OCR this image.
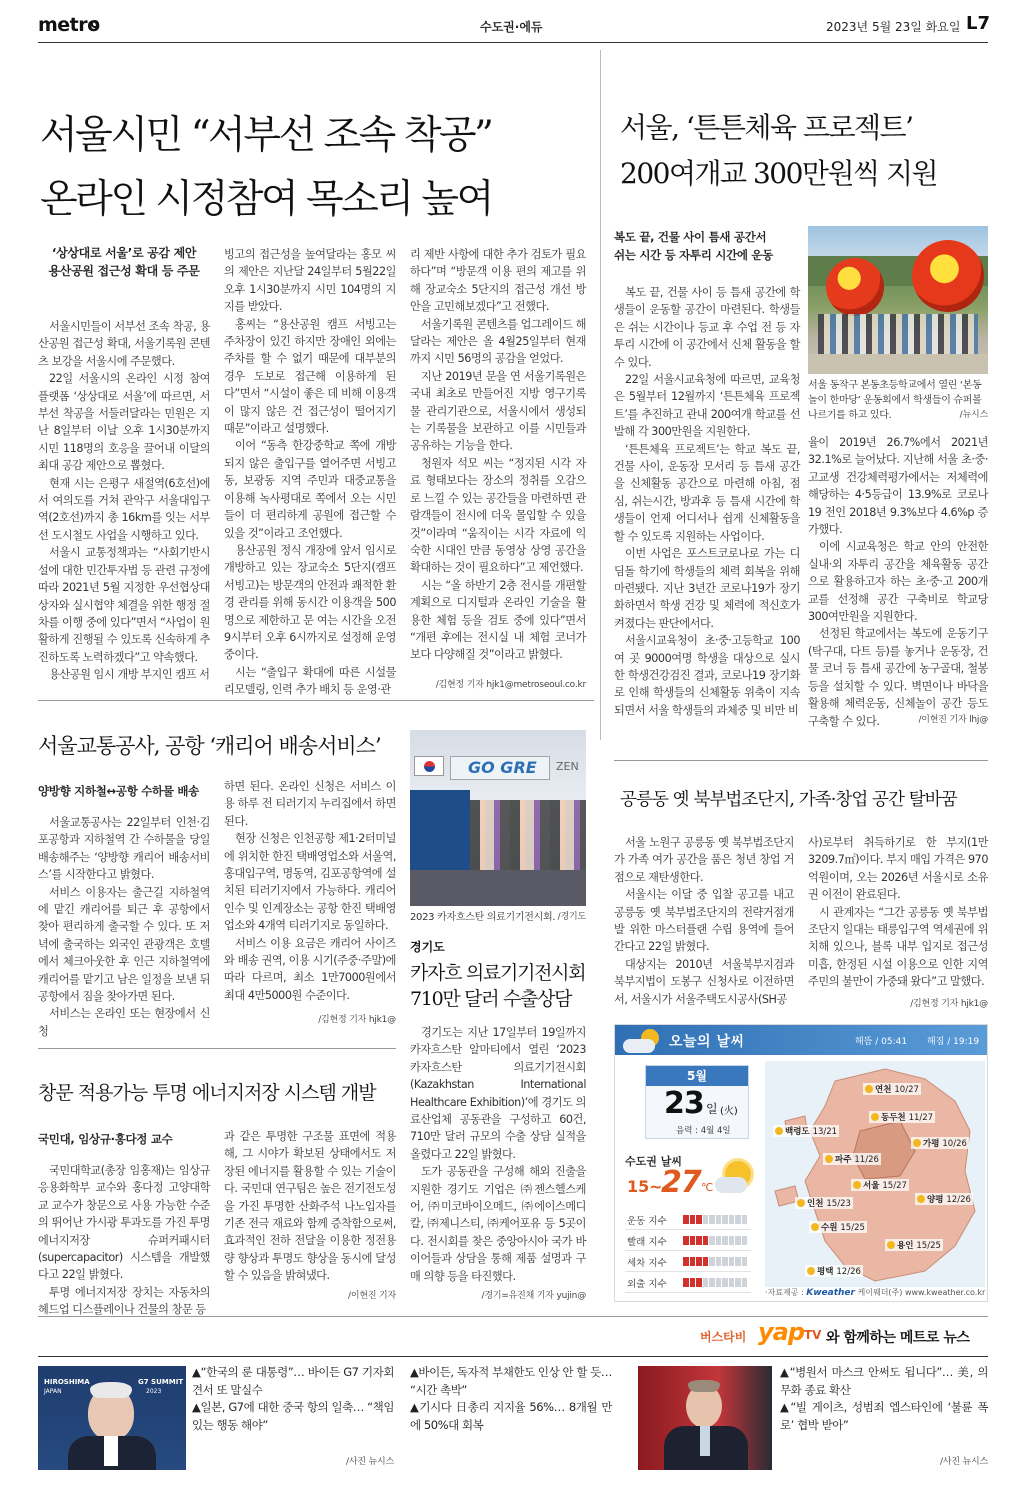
metro	수도권·에듀	2023년 5월 23일 화요일 L7
서울시민 “서부선 조속 착공”
온라인 시정참여 목소리 높여
‘상상대로 서울’로 공감 제안
용산공원 접근성 확대 등 주문

서울시민들이 서부선 조속 착공, 용산공원 접근성 확대, 서울기록원 콘텐츠 보강을 서울시에 주문했다.

22일 서울시의 온라인 시정 참여 플랫폼 ‘상상대로 서울’에 따르면, 서부선 착공을 서둘러달라는 민원은 지난 8일부터 이날 오후 1시30분까지 시민 118명의 호응을 끌어내 이달의 최대 공감 제안으로 뽑혔다.

현재 시는 은평구 새절역(6호선)에서 여의도를 거쳐 관악구 서울대입구역(2호선)까지 총 16km를 잇는 서부선 도시철도 사업을 시행하고 있다.

서울시 교통정책과는 “사회기반시설에 대한 민간투자법 등 관련 규정에 따라 2021년 5월 지정한 우선협상대상자와 실시협약 체결을 위한 행정 절차를 이행 중에 있다”면서 “사업이 원활하게 진행될 수 있도록 신속하게 추진하도록 노력하겠다”고 약속했다.

용산공원 임시 개방 부지인 캠프 서

빙고의 접근성을 높여달라는 홍모 씨의 제안은 지난달 24일부터 5월22일 오후 1시30분까지 시민 104명의 지지를 받았다.

홍씨는 “용산공원 캠프 서빙고는 주차장이 있긴 하지만 장애인 외에는 주차를 할 수 없기 때문에 대부분의 경우 도보로 접근해 이용하게 된다”면서 “시설이 좋은 데 비해 이용객이 많지 않은 건 접근성이 떨어지기 때문”이라고 설명했다.

이어 “동측 한강중학교 쪽에 개방되지 않은 출입구를 열어주면 서빙고동, 보광동 지역 주민과 대중교통을 이용해 녹사평대로 쪽에서 오는 시민들이 더 편리하게 공원에 접근할 수 있을 것”이라고 조언했다.

용산공원 정식 개장에 앞서 임시로 개방하고 있는 장교숙소 5단지(캠프 서빙고)는 방문객의 안전과 쾌적한 환경 관리를 위해 동시간 이용객을 500명으로 제한하고 문 여는 시간을 오전 9시부터 오후 6시까지로 설정해 운영 중이다.

시는 “출입구 확대에 따른 시설물 리모델링, 인력 추가 배치 등 운영·관

리 제반 사항에 대한 추가 검토가 필요하다”며 “방문객 이용 편의 제고를 위해 장교숙소 5단지의 접근성 개선 방안을 고민해보겠다”고 전했다.

서울기록원 콘텐츠를 업그레이드 해달라는 제안은 올 4월25일부터 현재까지 시민 56명의 공감을 얻었다.

지난 2019년 문을 연 서울기록원은 국내 최초로 만들어진 지방 영구기록물 관리기관으로, 서울시에서 생성되는 기록물을 보관하고 이를 시민들과 공유하는 기능을 한다.

청원자 석모 씨는 “정지된 시각 자료 형태보다는 장소의 정취를 오감으로 느낄 수 있는 공간들을 마련하면 관람객들이 전시에 더욱 몰입할 수 있을 것”이라며 “움직이는 시각 자료에 익숙한 시대인 만큼 동영상 상영 공간을 확대하는 것이 필요하다”고 제언했다.

시는 “올 하반기 2층 전시를 개편할 계획으로 디지털과 온라인 기술을 활용한 체험 등을 검토 중에 있다”면서 “개편 후에는 전시실 내 체험 코너가 보다 다양해질 것”이라고 밝혔다.

/김현정 기자 hjk1@metroseoul.co.kr
서울, ‘튼튼체육 프로젝트’
200여개교 300만원씩 지원
복도 끝, 건물 사이 틈새 공간서
쉬는 시간 등 자투리 시간에 운동
서울 동작구 본동초등학교에서 열린 ‘본동 놀이 한마당’ 운동회에서 학생들이 슈퍼볼 나르기를 하고 있다.	/뉴시스

복도 끝, 건물 사이 등 틈새 공간에 학생들이 운동할 공간이 마련된다. 학생들은 쉬는 시간이나 등교 후 수업 전 등 자투리 시간에 이 공간에서 신체 활동을 할 수 있다.

22일 서울시교육청에 따르면, 교육청은 5월부터 12월까지 ‘튼튼체육 프로젝트’를 추진하고 관내 200여개 학교를 선발해 각 300만원을 지원한다.

‘튼튼체육 프로젝트’는 학교 복도 끝, 건물 사이, 운동장 모서리 등 틈새 공간을 신체활동 공간으로 마련해 아침, 점심, 쉬는시간, 방과후 등 틈새 시간에 학생들이 언제 어디서나 쉽게 신체활동을 할 수 있도록 지원하는 사업이다.

이번 사업은 포스트코로나로 가는 디딤돌 학기에 학생들의 체력 회복을 위해 마련됐다. 지난 3년간 코로나19가 장기화하면서 학생 건강 및 체력에 적신호가 켜졌다는 판단에서다.

서울시교육청이 초·중·고등학교 100여 곳 9000여명 학생을 대상으로 실시한 학생건강검진 결과, 코로나19 장기화로 인해 학생들의 신체활동 위축이 지속되면서 서울 학생들의 과체중 및 비만 비

율이 2019년 26.7%에서 2021년 32.1%로 늘어났다. 지난해 서울 초·중·고교생 건강체력평가에서는 저체력에 해당하는 4·5등급이 13.9%로 코로나19 전인 2018년 9.3%보다 4.6%p 증가했다.

이에 시교육청은 학교 안의 안전한 실내·외 자투리 공간을 체육활동 공간으로 활용하고자 하는 초·중·고 200개교를 선정해 공간 구축비로 학교당 300여만원을 지원한다.

선정된 학교에서는 복도에 운동기구(탁구대, 다트 등)를 놓거나 운동장, 건물 코너 등 틈새 공간에 농구골대, 철봉 등을 설치할 수 있다. 벽면이나 바닥을 활용해 체력운동, 신체놀이 공간 등도 구축할 수 있다.	/이현진 기자 lhj@
서울교통공사, 공항 ‘캐리어 배송서비스’
양방향 지하철↔공항 수하물 배송

서울교통공사는 22일부터 인천·김포공항과 지하철역 간 수하물을 당일 배송해주는 ‘양방향 캐리어 배송서비스’를 시작한다고 밝혔다.

서비스 이용자는 출근길 지하철역에 맡긴 캐리어를 퇴근 후 공항에서 찾아 편리하게 출국할 수 있다. 또 저녁에 출국하는 외국인 관광객은 호텔에서 체크아웃한 후 인근 지하철역에 캐리어를 맡기고 남은 일정을 보낸 뒤 공항에서 짐을 찾아가면 된다.

서비스는 온라인 또는 현장에서 신청

하면 된다. 온라인 신청은 서비스 이용 하루 전 티러기지 누리집에서 하면 된다.

현장 신청은 인천공항 제1·2터미널에 위치한 한진 택배영업소와 서울역, 홍대입구역, 명동역, 김포공항역에 설치된 티러기지에서 가능하다. 캐리어 인수 및 인계장소는 공항 한진 택배영업소와 4개역 티러기지로 동일하다.

서비스 이용 요금은 캐리어 사이즈와 배송 권역, 이용 시기(주중·주말)에 따라 다르며, 최소 1만7000원에서 최대 4만5000원 수준이다.

/김현정 기자 hjk1@
GO GRE ZEN
2023 카자흐스탄 의료기기전시회. /경기도
경기도
카자흐 의료기기전시회
710만 달러 수출상담

경기도는 지난 17일부터 19일까지 카자흐스탄 알마티에서 열린 ‘2023 카자흐스탄 의료기기전시회(Kazakhstan International Healthcare Exhibition)’에 경기도 의료산업체 공동관을 구성하고 60건, 710만 달러 규모의 수출 상담 실적을 올렸다고 22일 밝혔다.

도가 공동관을 구성해 해외 진출을 지원한 경기도 기업은 ㈜젠스헬스케어, ㈜미코바이오메드, ㈜에이스메디칼, ㈜제니스티, ㈜케어포유 등 5곳이다. 전시회를 찾은 중앙아시아 국가 바이어들과 상담을 통해 제품 설명과 구매 의향 등을 타진했다.

/경기=유진채 기자 yujin@
공릉동 옛 북부법조단지, 가족·창업 공간 탈바꿈

서울 노원구 공릉동 옛 북부법조단지가 가족 여가 공간을 품은 청년 창업 거점으로 재탄생한다.

서울시는 이달 중 입찰 공고를 내고 공릉동 옛 북부법조단지의 전략거점개발 위한 마스터플랜 수립 용역에 들어간다고 22일 밝혔다.

대상지는 2010년 서울북부지검과 북부지법이 도봉구 신청사로 이전하면서, 서울시가 서울주택도시공사(SH공

사)로부터 취득하기로 한 부지(1만3209.7㎡)이다. 부지 매입 가격은 970억원이며, 오는 2026년 서울시로 소유권 이전이 완료된다.

시 관계자는 “그간 공릉동 옛 북부법조단지 일대는 태릉입구역 역세권에 위치해 있으나, 블록 내부 입지로 접근성 미흡, 한정된 시설 이용으로 인한 지역 주민의 불만이 가중돼 왔다”고 말했다.

/김현정 기자 hjk1@
창문 적용가능 투명 에너지저장 시스템 개발
국민대, 임상규·홍다정 교수

국민대학교(총장 임홍재)는 임상규 응용화학부 교수와 홍다정 고양대학교 교수가 창문으로 사용 가능한 수준의 뛰어난 가시광 투과도를 가진 투명 에너지저장 슈퍼커패시터(supercapacitor) 시스템을 개발했다고 22일 밝혔다.

투명 에너지저장 장치는 자동차의 헤드업 디스플레이나 건물의 창문 등

과 같은 투명한 구조물 표면에 적용해, 그 시야가 확보된 상태에서도 저장된 에너지를 활용할 수 있는 기술이다. 국민대 연구팀은 높은 전기전도성을 가진 투명한 산화주석 나노입자를 기존 전극 재료와 함께 증착함으로써, 효과적인 전하 전달을 이용한 정전용량 향상과 투명도 향상을 동시에 달성할 수 있음을 밝혀냈다.

/이현진 기자
오늘의 날씨	해뜸 / 05:41 해짐 / 19:19
5월
23 일 (火)
음력 : 4월 4일
수도권 날씨
15 ~
27 ℃
운동 지수
빨래 지수
세차 지수
외출 지수
·자료제공 : Kweather 케이웨더(주) www.kweather.co.kr
연천 10/27
동두천 11/27
가평 10/26
백령도 13/21
파주 11/26
서울 15/27
양평 12/26
인천 15/23
수원 15/25
용인 15/25
평택 12/26
버스타비 yap TV 와 함께하는 메트로 뉴스
HIROSHIMA
JAPAN
G7 SUMMIT
2023

▲“한국의 룬 대통령”… 바이든 G7 기자회견서 또 말실수

▲일본, G7에 대한 중국 항의 일축… “책임있는 행동 해야”

/사진 뉴시스

▲바이든, 독자적 부채한도 인상 안 할 듯… “시간 촉박”

▲기시다 日총리 지지율 56%… 8개월 만에 50%대 회복

▲“병원서 마스크 안써도 됩니다”… 美, 의무화 종료 확산

▲“빌 게이츠, 성범죄 엡스타인에 ‘불륜 폭로’ 협박 받아”

/사진 뉴시스
